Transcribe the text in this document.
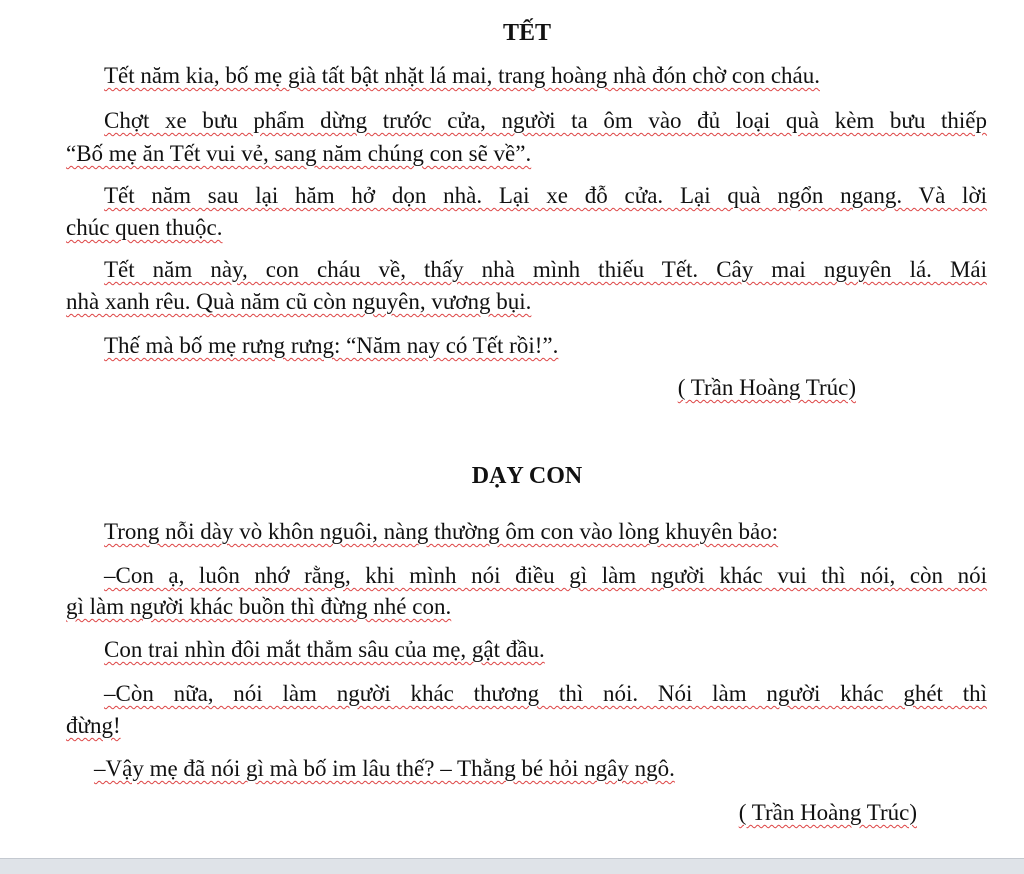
TẾT
Tết năm kia, bố mẹ già tất bật nhặt lá mai, trang hoàng nhà đón chờ con cháu.
Chợt xe bưu phẩm dừng trước cửa, người ta ôm vào đủ loại quà kèm bưu thiếp
“Bố mẹ ăn Tết vui vẻ, sang năm chúng con sẽ về”.
Tết năm sau lại hăm hở dọn nhà. Lại xe đỗ cửa. Lại quà ngổn ngang. Và lời
chúc quen thuộc.
Tết năm này, con cháu về, thấy nhà mình thiếu Tết. Cây mai nguyên lá. Mái
nhà xanh rêu. Quà năm cũ còn nguyên, vương bụi.
Thế mà bố mẹ rưng rưng: “Năm nay có Tết rồi!”.
( Trần Hoàng Trúc)
DẠY CON
Trong nỗi dày vò khôn nguôi, nàng thường ôm con vào lòng khuyên bảo:
–Con ạ, luôn nhớ rằng, khi mình nói điều gì làm người khác vui thì nói, còn nói
gì làm người khác buồn thì đừng nhé con.
Con trai nhìn đôi mắt thẳm sâu của mẹ, gật đầu.
–Còn nữa, nói làm người khác thương thì nói. Nói làm người khác ghét thì
đừng!
–Vậy mẹ đã nói gì mà bố im lâu thế? – Thằng bé hỏi ngây ngô.
( Trần Hoàng Trúc)
